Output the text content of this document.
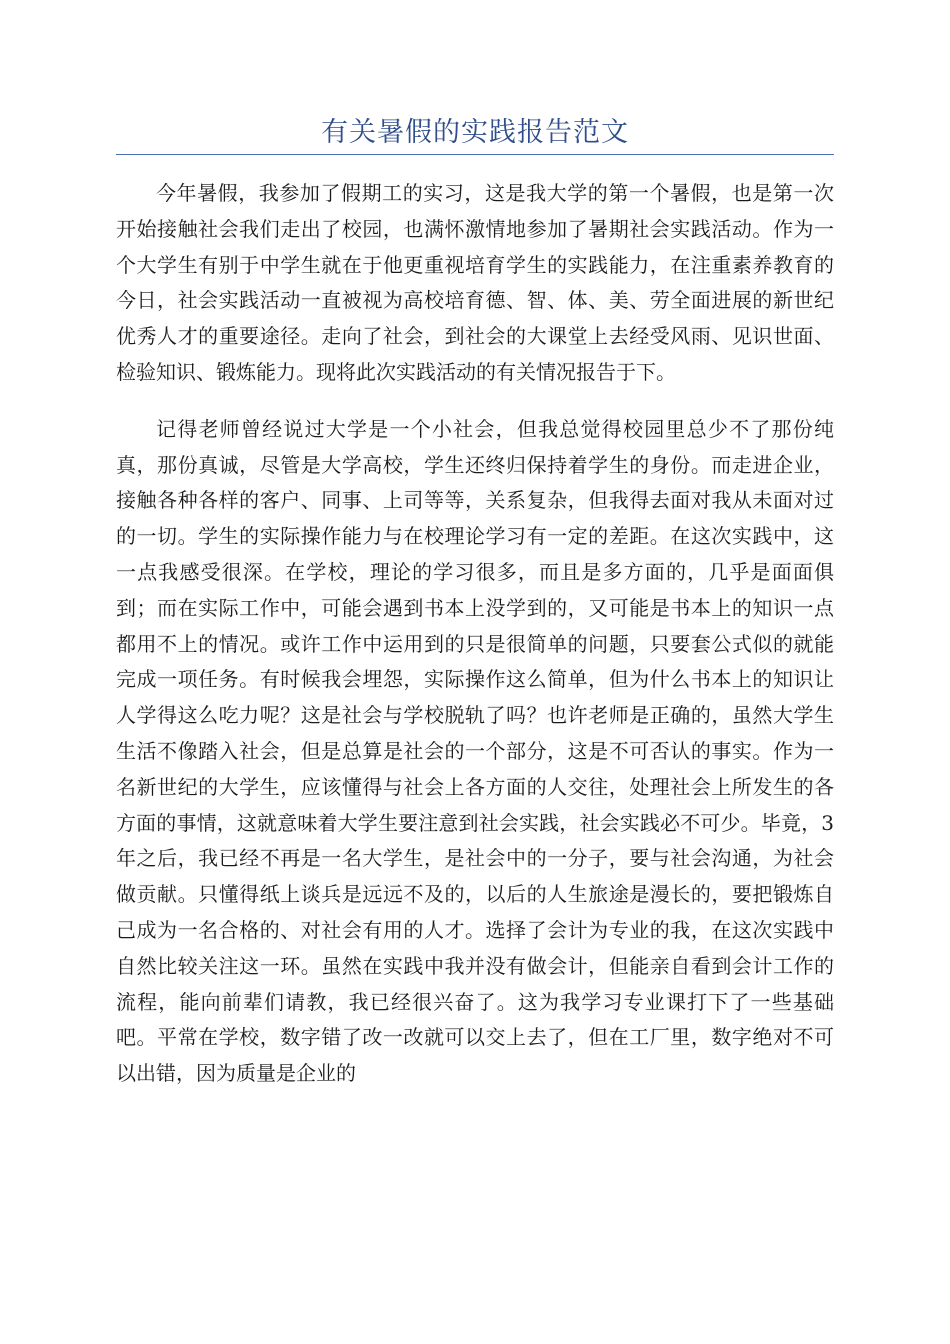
有关暑假的实践报告范文

今年暑假，我参加了假期工的实习，这是我大学的第一个暑假，也是第一次开始接触社会我们走出了校园，也满怀激情地参加了暑期社会实践活动。作为一个大学生有别于中学生就在于他更重视培育学生的实践能力，在注重素养教育的今日，社会实践活动一直被视为高校培育德、智、体、美、劳全面进展的新世纪优秀人才的重要途径。走向了社会，到社会的大课堂上去经受风雨、见识世面、检验知识、锻炼能力。现将此次实践活动的有关情况报告于下。

记得老师曾经说过大学是一个小社会，但我总觉得校园里总少不了那份纯真，那份真诚，尽管是大学高校，学生还终归保持着学生的身份。而走进企业，接触各种各样的客户、同事、上司等等，关系复杂，但我得去面对我从未面对过的一切。学生的实际操作能力与在校理论学习有一定的差距。在这次实践中，这一点我感受很深。在学校，理论的学习很多，而且是多方面的，几乎是面面俱到；而在实际工作中，可能会遇到书本上没学到的，又可能是书本上的知识一点都用不上的情况。或许工作中运用到的只是很简单的问题，只要套公式似的就能完成一项任务。有时候我会埋怨，实际操作这么简单，但为什么书本上的知识让人学得这么吃力呢？这是社会与学校脱轨了吗？也许老师是正确的，虽然大学生生活不像踏入社会，但是总算是社会的一个部分，这是不可否认的事实。作为一名新世纪的大学生，应该懂得与社会上各方面的人交往，处理社会上所发生的各方面的事情，这就意味着大学生要注意到社会实践，社会实践必不可少。毕竟，3年之后，我已经不再是一名大学生，是社会中的一分子，要与社会沟通，为社会做贡献。只懂得纸上谈兵是远远不及的，以后的人生旅途是漫长的，要把锻炼自己成为一名合格的、对社会有用的人才。选择了会计为专业的我，在这次实践中自然比较关注这一环。虽然在实践中我并没有做会计，但能亲自看到会计工作的流程，能向前辈们请教，我已经很兴奋了。这为我学习专业课打下了一些基础吧。平常在学校，数字错了改一改就可以交上去了，但在工厂里，数字绝对不可以出错，因为质量是企业的
